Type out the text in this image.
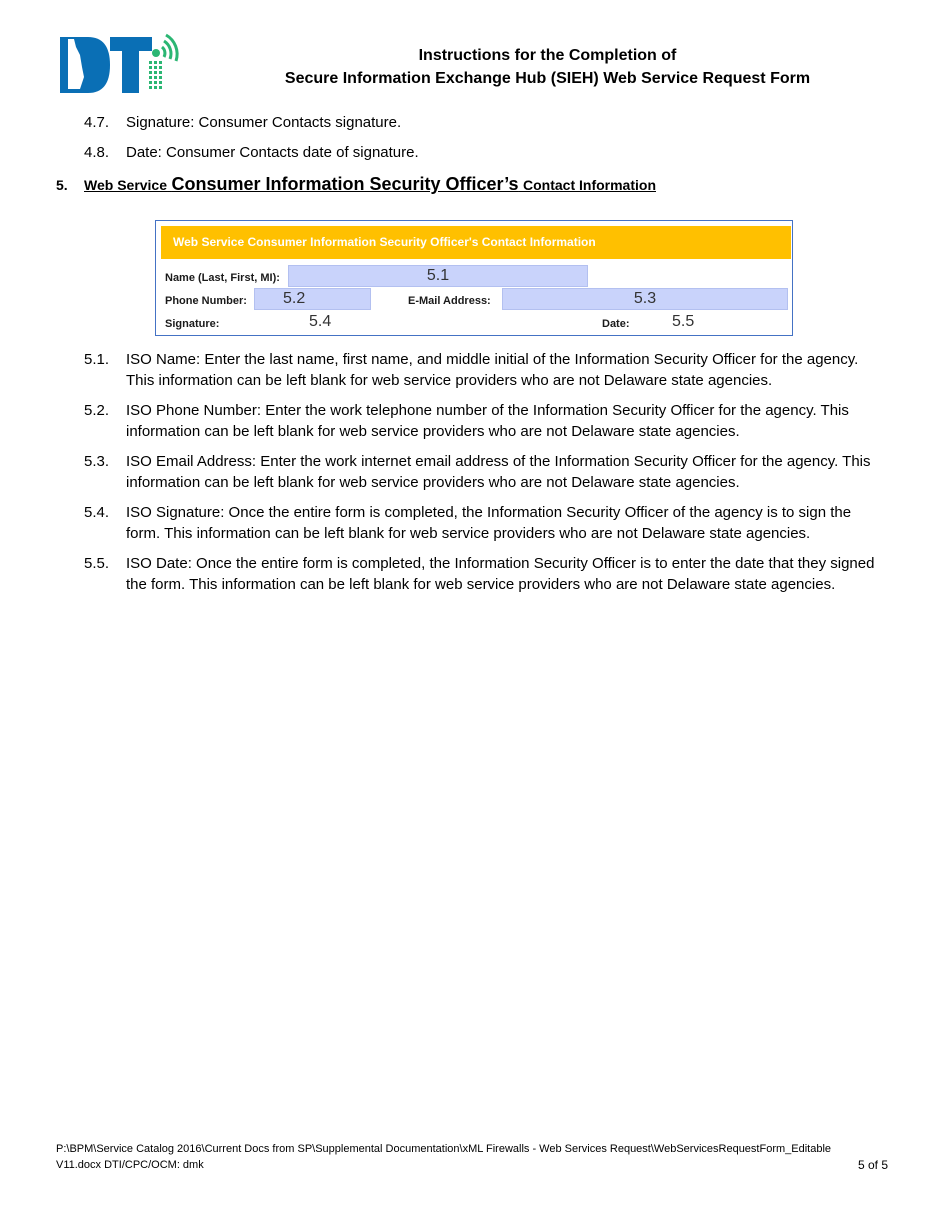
Instructions for the Completion of
Secure Information Exchange Hub (SIEH) Web Service Request Form
4.7. Signature: Consumer Contacts signature.
4.8. Date: Consumer Contacts date of signature.
5. Web Service Consumer Information Security Officer’s Contact Information
Web Service Consumer Information Security Officer's Contact Information
Name (Last, First, MI):	5.1
Phone Number:	5.2	E-Mail Address:	5.3
Signature:	5.4	Date:	5.5
5.1. ISO Name: Enter the last name, first name, and middle initial of the Information Security Officer for the agency. This information can be left blank for web service providers who are not Delaware state agencies.
5.2. ISO Phone Number: Enter the work telephone number of the Information Security Officer for the agency. This information can be left blank for web service providers who are not Delaware state agencies.
5.3. ISO Email Address: Enter the work internet email address of the Information Security Officer for the agency. This information can be left blank for web service providers who are not Delaware state agencies.
5.4. ISO Signature: Once the entire form is completed, the Information Security Officer of the agency is to sign the form. This information can be left blank for web service providers who are not Delaware state agencies.
5.5. ISO Date: Once the entire form is completed, the Information Security Officer is to enter the date that they signed the form. This information can be left blank for web service providers who are not Delaware state agencies.
P:\BPM\Service Catalog 2016\Current Docs from SP\Supplemental Documentation\xML Firewalls - Web Services Request\WebServicesRequestForm_Editable
V11.docx DTI/CPC/OCM: dmk	5 of 5
